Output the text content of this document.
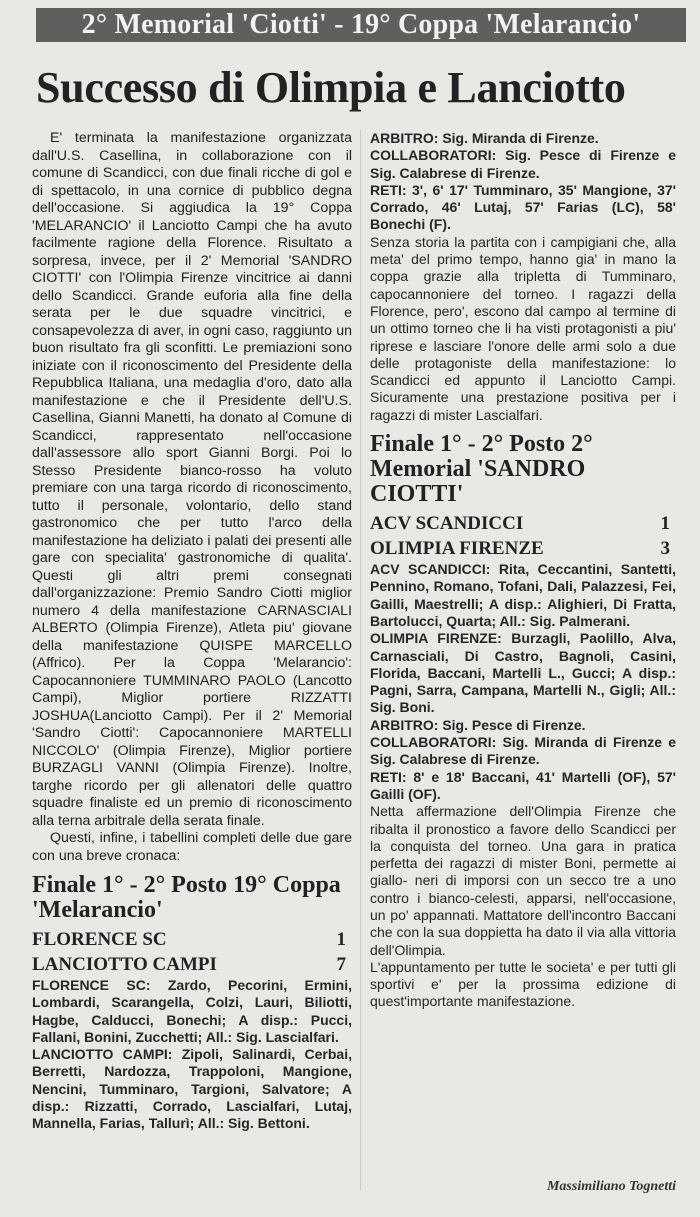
2° Memorial 'Ciotti' - 19° Coppa 'Melarancio'
Successo di Olimpia e Lanciotto

E' terminata la manifestazione organizzata dall'U.S. Casellina, in collaborazione con il comune di Scandicci, con due finali ricche di gol e di spettacolo, in una cornice di pubblico degna dell'occasione. Si aggiudica la 19° Coppa 'MELARANCIO' il Lanciotto Campi che ha avuto facilmente ragione della Florence. Risultato a sorpresa, invece, per il 2' Memorial 'SANDRO CIOTTI' con l'Olimpia Firenze vincitrice ai danni dello Scandicci. Grande euforia alla fine della serata per le due squadre vincitrici, e consapevolezza di aver, in ogni caso, raggiunto un buon risultato fra gli sconfitti. Le premiazioni sono iniziate con il riconoscimento del Presidente della Repubblica Italiana, una medaglia d'oro, dato alla manifestazione e che il Presidente dell'U.S. Casellina, Gianni Manetti, ha donato al Comune di Scandicci, rappresentato nell'occasione dall'assessore allo sport Gianni Borgi. Poi lo Stesso Presidente bianco-rosso ha voluto premiare con una targa ricordo di riconoscimento, tutto il personale, volontario, dello stand gastronomico che per tutto l'arco della manifestazione ha deliziato i palati dei presenti alle gare con specialita' gastronomiche di qualita'. Questi gli altri premi consegnati dall'organizzazione: Premio Sandro Ciotti miglior numero 4 della manifestazione CARNASCIALI ALBERTO (Olimpia Firenze), Atleta piu' giovane della manifestazione QUISPE MARCELLO (Affrico). Per la Coppa 'Melarancio': Capocannoniere TUMMINARO PAOLO (Lancotto Campi), Miglior portiere RIZZATTI JOSHUA(Lanciotto Campi). Per il 2' Memorial 'Sandro Ciotti': Capocannoniere MARTELLI NICCOLO' (Olimpia Firenze), Miglior portiere BURZAGLI VANNI (Olimpia Firenze). Inoltre, targhe ricordo per gli allenatori delle quattro squadre finaliste ed un premio di riconoscimento alla terna arbitrale della serata finale.

Questi, infine, i tabellini completi delle due gare con una breve cronaca:

Finale 1° - 2° Posto 19° Coppa 'Melarancio'
FLORENCE SC	1
LANCIOTTO CAMPI	7

FLORENCE SC: Zardo, Pecorini, Ermini, Lombardi, Scarangella, Colzi, Lauri, Biliotti, Hagbe, Calducci, Bonechi; A disp.: Pucci, Fallani, Bonini, Zucchetti; All.: Sig. Lascialfari.

LANCIOTTO CAMPI: Zipoli, Salinardi, Cerbai, Berretti, Nardozza, Trappoloni, Mangione, Nencini, Tumminaro, Targioni, Salvatore; A disp.: Rizzatti, Corrado, Lascialfari, Lutaj, Mannella, Farias, Tallurì; All.: Sig. Bettoni.

ARBITRO: Sig. Miranda di Firenze.

COLLABORATORI: Sig. Pesce di Firenze e Sig. Calabrese di Firenze.

RETI: 3', 6' 17' Tumminaro, 35' Mangione, 37' Corrado, 46' Lutaj, 57' Farias (LC), 58' Bonechi (F).

Senza storia la partita con i campigiani che, alla meta' del primo tempo, hanno gia' in mano la coppa grazie alla tripletta di Tumminaro, capocannoniere del torneo. I ragazzi della Florence, pero', escono dal campo al termine di un ottimo torneo che li ha visti protagonisti a piu' riprese e lasciare l'onore delle armi solo a due delle protagoniste della manifestazione: lo Scandicci ed appunto il Lanciotto Campi. Sicuramente una prestazione positiva per i ragazzi di mister Lascialfari.

Finale 1° - 2° Posto 2° Memorial 'SANDRO CIOTTI'
ACV SCANDICCI	1
OLIMPIA FIRENZE	3

ACV SCANDICCI: Rita, Ceccantini, Santetti, Pennino, Romano, Tofani, Dali, Palazzesi, Fei, Gailli, Maestrelli; A disp.: Alighieri, Di Fratta, Bartolucci, Quarta; All.: Sig. Palmerani.

OLIMPIA FIRENZE: Burzagli, Paolillo, Alva, Carnasciali, Di Castro, Bagnoli, Casini, Florida, Baccani, Martelli L., Gucci; A disp.: Pagni, Sarra, Campana, Martelli N., Gigli; All.: Sig. Boni.

ARBITRO: Sig. Pesce di Firenze.

COLLABORATORI: Sig. Miranda di Firenze e Sig. Calabrese di Firenze.

RETI: 8' e 18' Baccani, 41' Martelli (OF), 57' Gailli (OF).

Netta affermazione dell'Olimpia Firenze che ribalta il pronostico a favore dello Scandicci per la conquista del torneo. Una gara in pratica perfetta dei ragazzi di mister Boni, permette ai giallo- neri di imporsi con un secco tre a uno contro i bianco-celesti, apparsi, nell'occasione, un po' appannati. Mattatore dell'incontro Baccani che con la sua doppietta ha dato il via alla vittoria dell'Olimpia.

L'appuntamento per tutte le societa' e per tutti gli sportivi e' per la prossima edizione di quest'importante manifestazione.

Massimiliano Tognetti
